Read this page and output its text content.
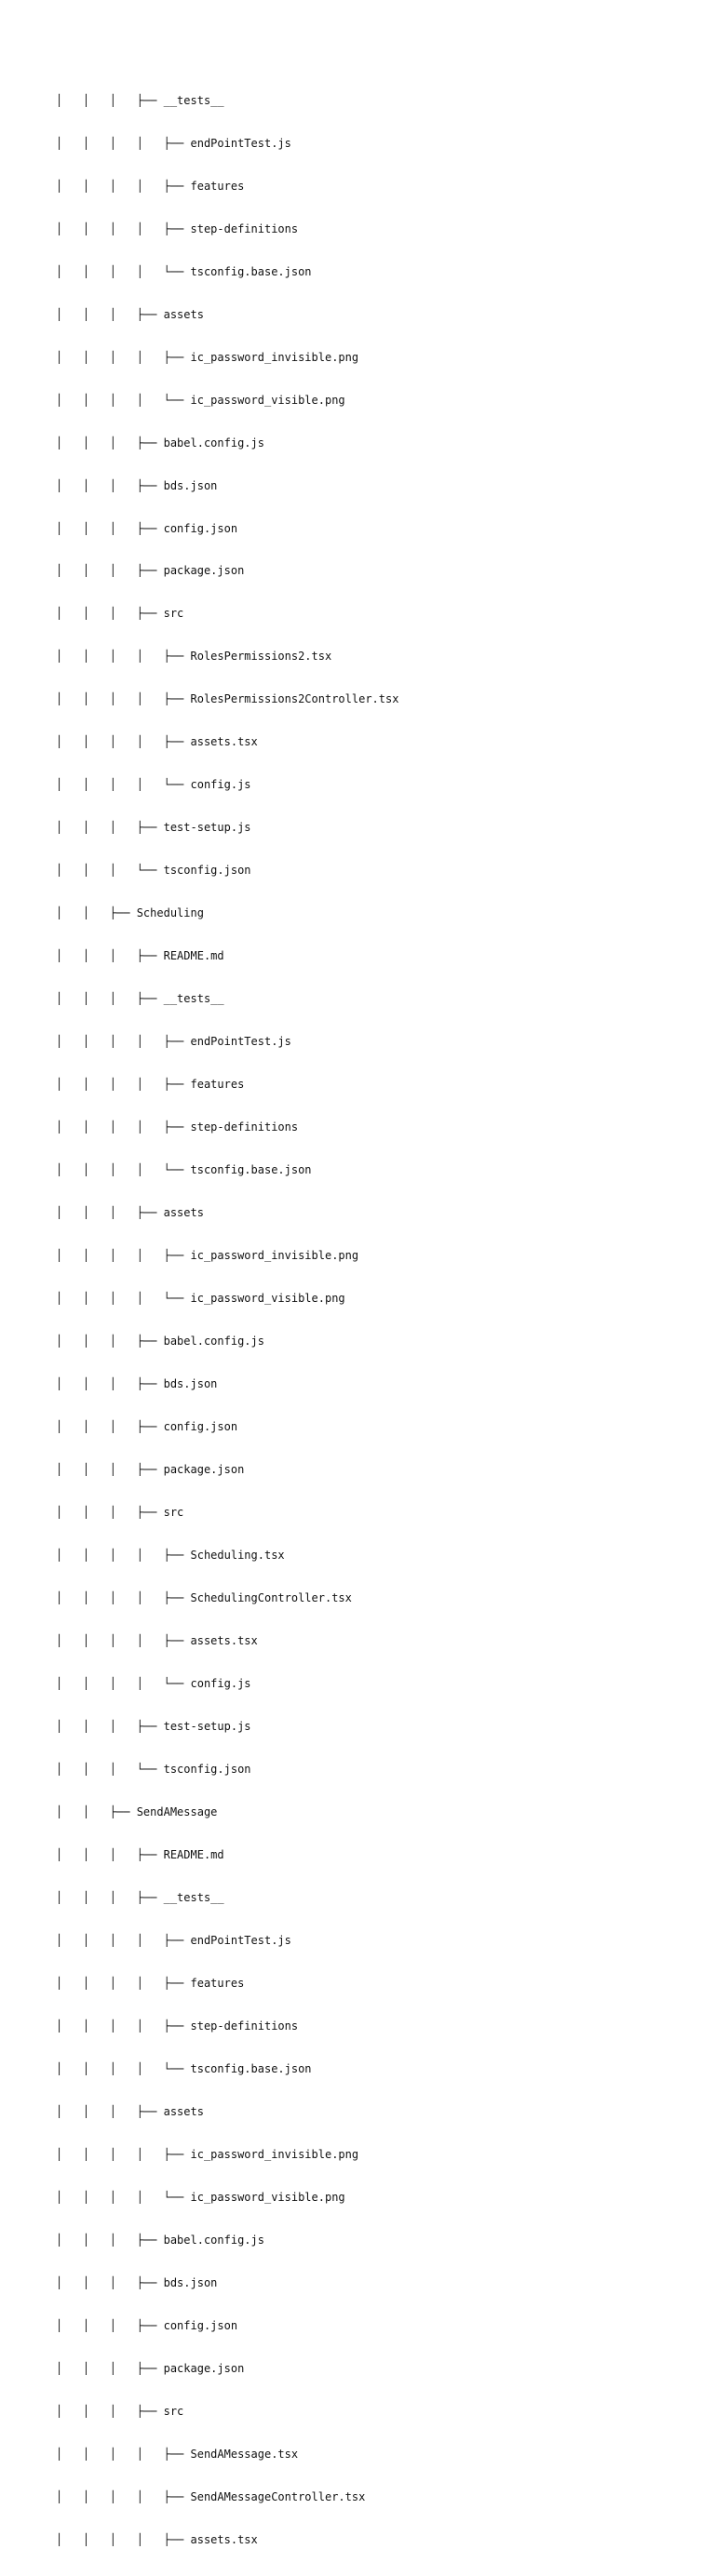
│   │   │   ├── __tests__

│   │   │   │   ├── endPointTest.js

│   │   │   │   ├── features

│   │   │   │   ├── step-definitions

│   │   │   │   └── tsconfig.base.json

│   │   │   ├── assets

│   │   │   │   ├── ic_password_invisible.png

│   │   │   │   └── ic_password_visible.png

│   │   │   ├── babel.config.js

│   │   │   ├── bds.json

│   │   │   ├── config.json

│   │   │   ├── package.json

│   │   │   ├── src

│   │   │   │   ├── RolesPermissions2.tsx

│   │   │   │   ├── RolesPermissions2Controller.tsx

│   │   │   │   ├── assets.tsx

│   │   │   │   └── config.js

│   │   │   ├── test-setup.js

│   │   │   └── tsconfig.json

│   │   ├── Scheduling

│   │   │   ├── README.md

│   │   │   ├── __tests__

│   │   │   │   ├── endPointTest.js

│   │   │   │   ├── features

│   │   │   │   ├── step-definitions

│   │   │   │   └── tsconfig.base.json

│   │   │   ├── assets

│   │   │   │   ├── ic_password_invisible.png

│   │   │   │   └── ic_password_visible.png

│   │   │   ├── babel.config.js

│   │   │   ├── bds.json

│   │   │   ├── config.json

│   │   │   ├── package.json

│   │   │   ├── src

│   │   │   │   ├── Scheduling.tsx

│   │   │   │   ├── SchedulingController.tsx

│   │   │   │   ├── assets.tsx

│   │   │   │   └── config.js

│   │   │   ├── test-setup.js

│   │   │   └── tsconfig.json

│   │   ├── SendAMessage

│   │   │   ├── README.md

│   │   │   ├── __tests__

│   │   │   │   ├── endPointTest.js

│   │   │   │   ├── features

│   │   │   │   ├── step-definitions

│   │   │   │   └── tsconfig.base.json

│   │   │   ├── assets

│   │   │   │   ├── ic_password_invisible.png

│   │   │   │   └── ic_password_visible.png

│   │   │   ├── babel.config.js

│   │   │   ├── bds.json

│   │   │   ├── config.json

│   │   │   ├── package.json

│   │   │   ├── src

│   │   │   │   ├── SendAMessage.tsx

│   │   │   │   ├── SendAMessageController.tsx

│   │   │   │   ├── assets.tsx
